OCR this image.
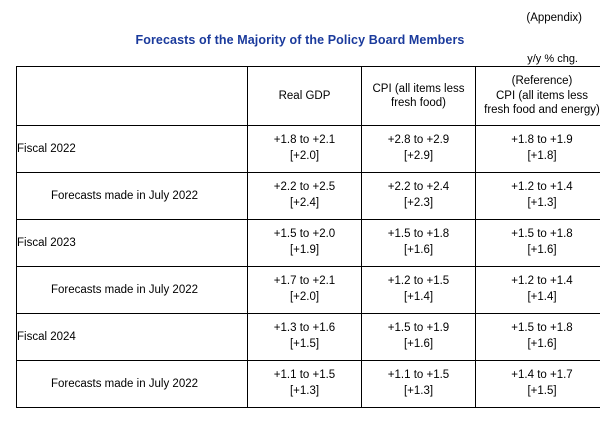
(Appendix)
Forecasts of the Majority of the Policy Board Members
y/y % chg.
	Real GDP	CPI (all items less
fresh food)	(Reference)
CPI (all items less
fresh food and energy)

Fiscal 2022	+1.8 to +2.1
[+2.0]	+2.8 to +2.9
[+2.9]	+1.8 to +1.9
[+1.8]

Forecasts made in July 2022	+2.2 to +2.5
[+2.4]	+2.2 to +2.4
[+2.3]	+1.2 to +1.4
[+1.3]

Fiscal 2023	+1.5 to +2.0
[+1.9]	+1.5 to +1.8
[+1.6]	+1.5 to +1.8
[+1.6]

Forecasts made in July 2022	+1.7 to +2.1
[+2.0]	+1.2 to +1.5
[+1.4]	+1.2 to +1.4
[+1.4]

Fiscal 2024	+1.3 to +1.6
[+1.5]	+1.5 to +1.9
[+1.6]	+1.5 to +1.8
[+1.6]

Forecasts made in July 2022	+1.1 to +1.5
[+1.3]	+1.1 to +1.5
[+1.3]	+1.4 to +1.7
[+1.5]
